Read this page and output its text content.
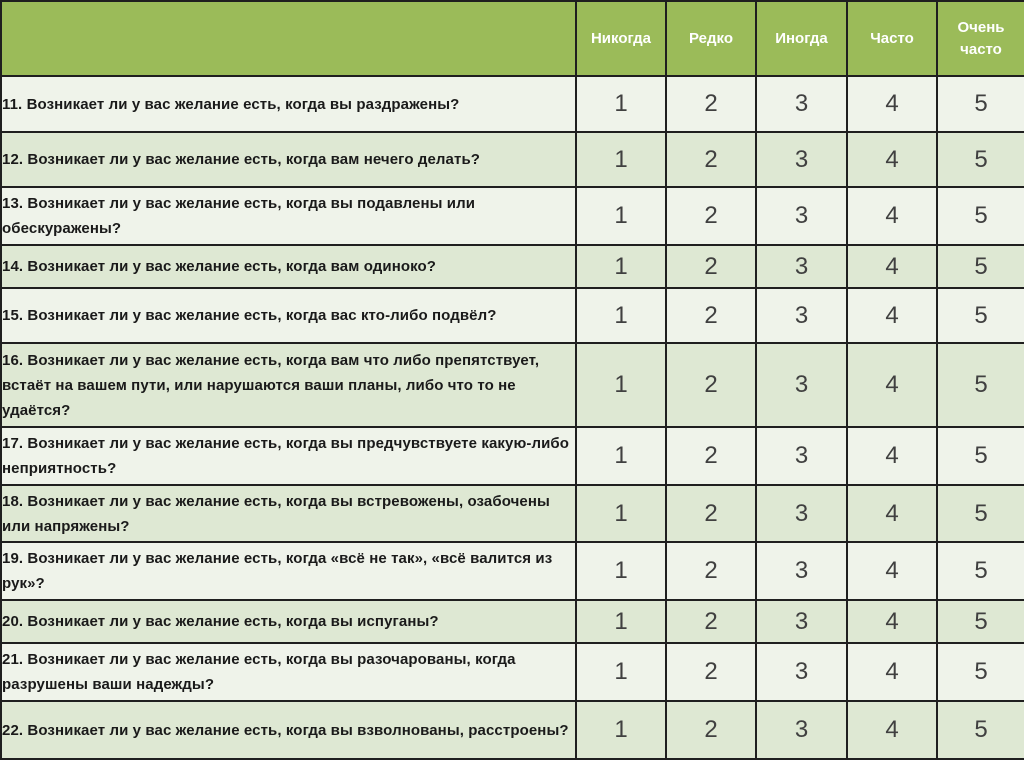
	Никогда	Редко	Иногда	Часто	Очень
часто
11. Возникает ли у вас желание есть, когда вы раздражены?	1	2	3	4	5
12. Возникает ли у вас желание есть, когда вам нечего делать?	1	2	3	4	5
13. Возникает ли у вас желание есть, когда вы подавлены или обескуражены?	1	2	3	4	5
14. Возникает ли у вас желание есть, когда вам одиноко?	1	2	3	4	5
15. Возникает ли у вас желание есть, когда вас кто-либо подвёл?	1	2	3	4	5
16. Возникает ли у вас желание есть, когда вам что либо препятствует, встаёт на вашем пути, или нарушаются ваши планы, либо что то не удаётся?	1	2	3	4	5
17. Возникает ли у вас желание есть, когда вы предчувствуете какую-либо неприятность?	1	2	3	4	5
18. Возникает ли у вас желание есть, когда вы встревожены, озабочены или напряжены?	1	2	3	4	5
19. Возникает ли у вас желание есть, когда «всё не так», «всё валится из рук»?	1	2	3	4	5
20. Возникает ли у вас желание есть, когда вы испуганы?	1	2	3	4	5
21. Возникает ли у вас желание есть, когда вы разочарованы, когда разрушены ваши надежды?	1	2	3	4	5
22. Возникает ли у вас желание есть, когда вы взволнованы, расстроены?	1	2	3	4	5
